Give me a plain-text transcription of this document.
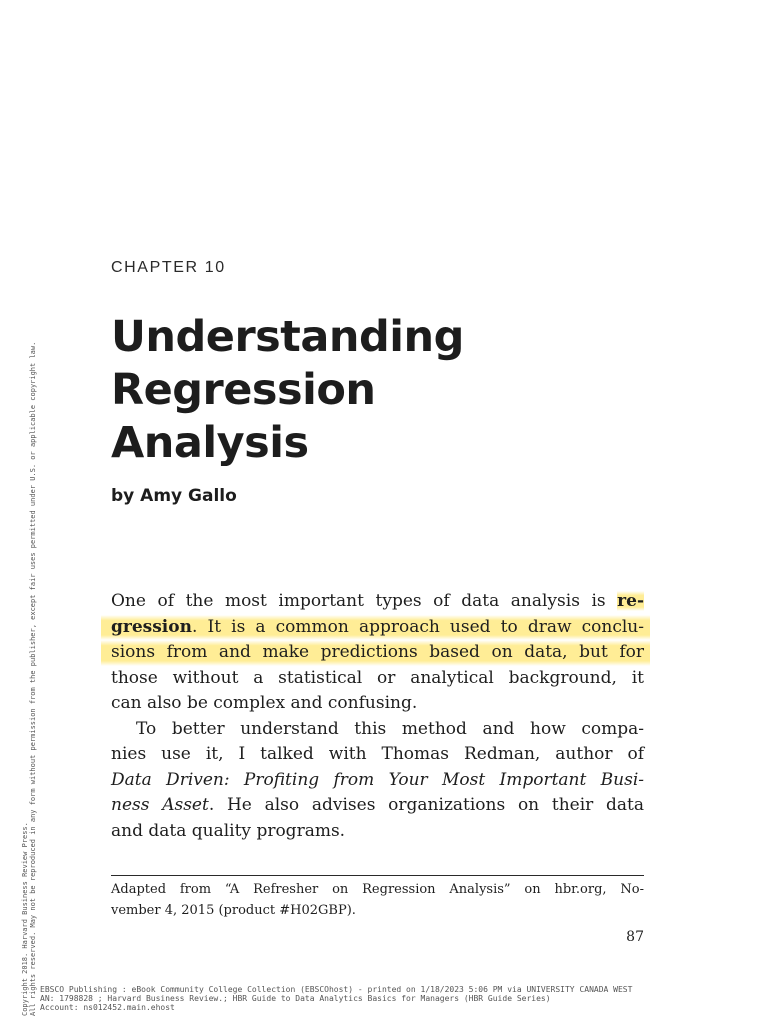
CHAPTER 10
Understanding
Regression
Analysis
by Amy Gallo
One of the most important types of data analysis is re-
gression. It is a common approach used to draw conclu-
sions from and make predictions based on data, but for
those without a statistical or analytical background, it
can also be complex and confusing.
To better understand this method and how compa-
nies use it, I talked with Thomas Redman, author of
Data Driven: Profiting from Your Most Important Busi-
ness Asset. He also advises organizations on their data
and data quality programs.
Adapted from “A Refresher on Regression Analysis” on hbr.org, No-
vember 4, 2015 (product #H02GBP).
87
Copyright 2018. Harvard Business Review Press. All rights reserved. May not be reproduced in any form without permission from the publisher, except fair uses permitted under U.S. or applicable copyright law. EBSCO Publishing : eBook Community College Collection (EBSCOhost) - printed on 1/18/2023 5:06 PM via UNIVERSITY CANADA WEST
AN: 1798828 ; Harvard Business Review.; HBR Guide to Data Analytics Basics for Managers (HBR Guide Series)
Account: ns012452.main.ehost
